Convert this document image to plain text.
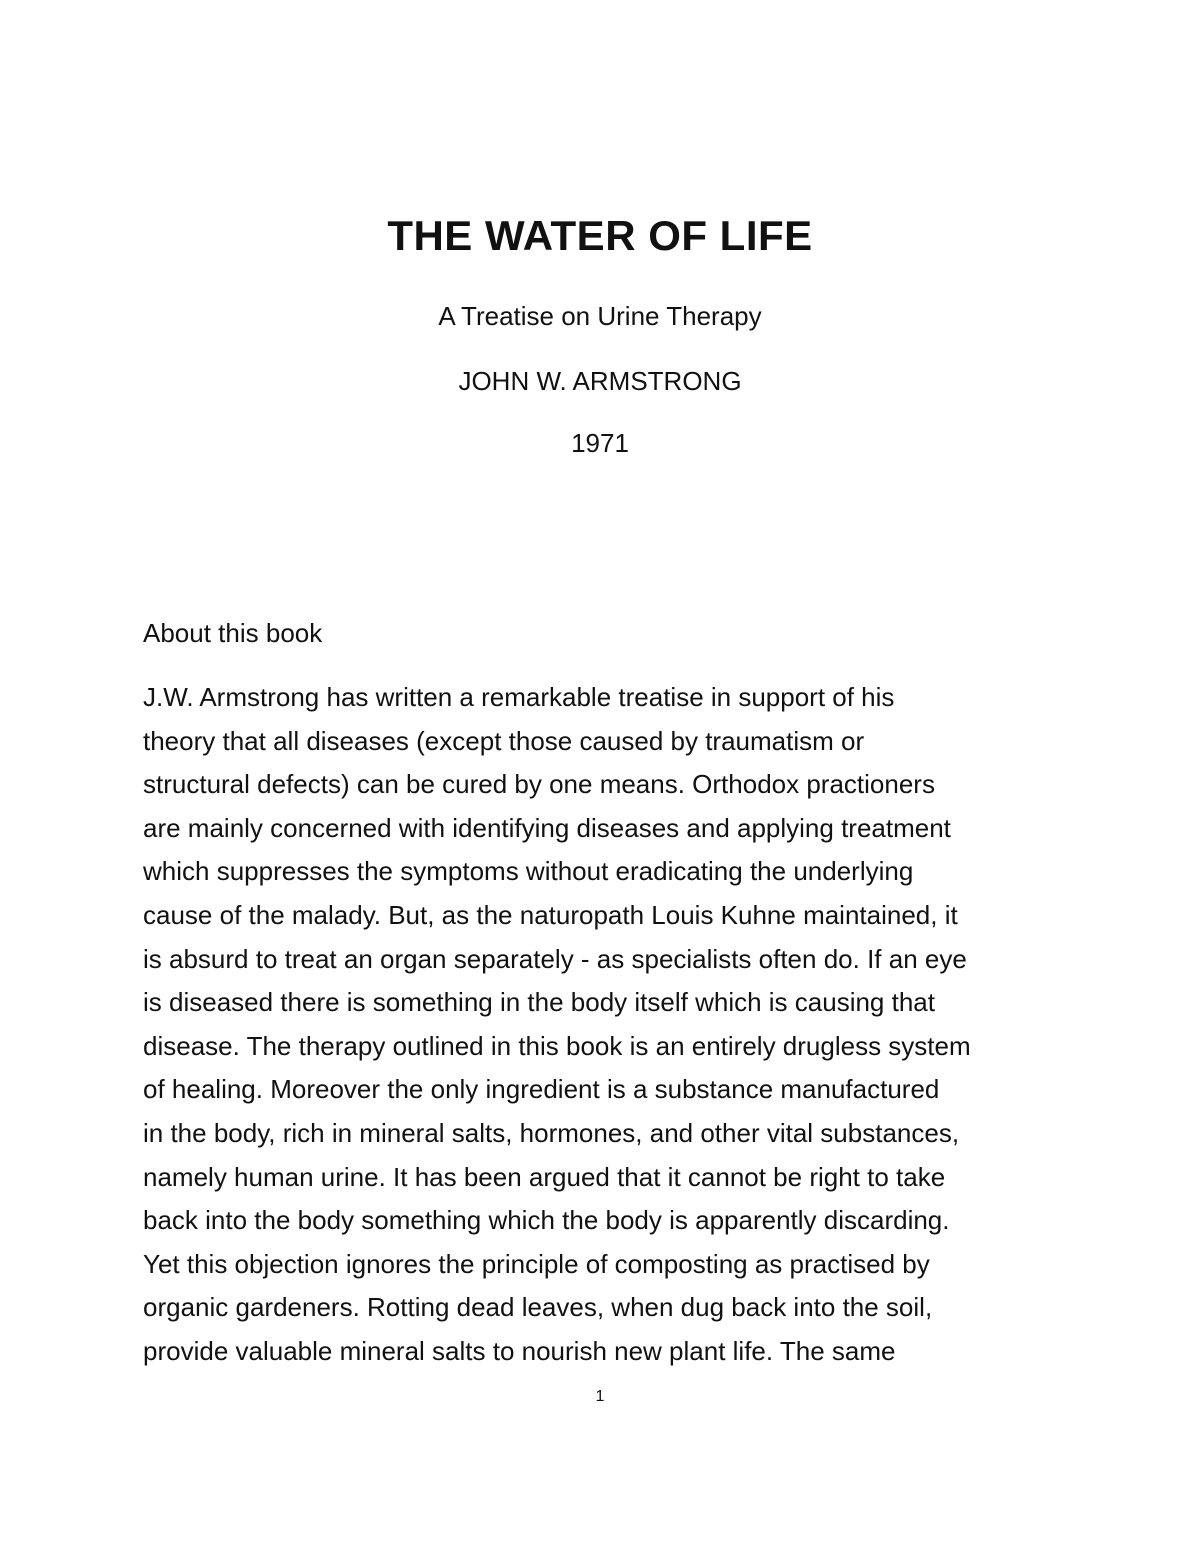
THE WATER OF LIFE

A Treatise on Urine Therapy

JOHN W. ARMSTRONG

1971

About this book
J.W. Armstrong has written a remarkable treatise in support of his
theory that all diseases (except those caused by traumatism or
structural defects) can be cured by one means. Orthodox practioners
are mainly concerned with identifying diseases and applying treatment
which suppresses the symptoms without eradicating the underlying
cause of the malady. But, as the naturopath Louis Kuhne maintained, it
is absurd to treat an organ separately - as specialists often do. If an eye
is diseased there is something in the body itself which is causing that
disease. The therapy outlined in this book is an entirely drugless system
of healing. Moreover the only ingredient is a substance manufactured
in the body, rich in mineral salts, hormones, and other vital substances,
namely human urine. It has been argued that it cannot be right to take
back into the body something which the body is apparently discarding.
Yet this objection ignores the principle of composting as practised by
organic gardeners. Rotting dead leaves, when dug back into the soil,
provide valuable mineral salts to nourish new plant life. The same

1
